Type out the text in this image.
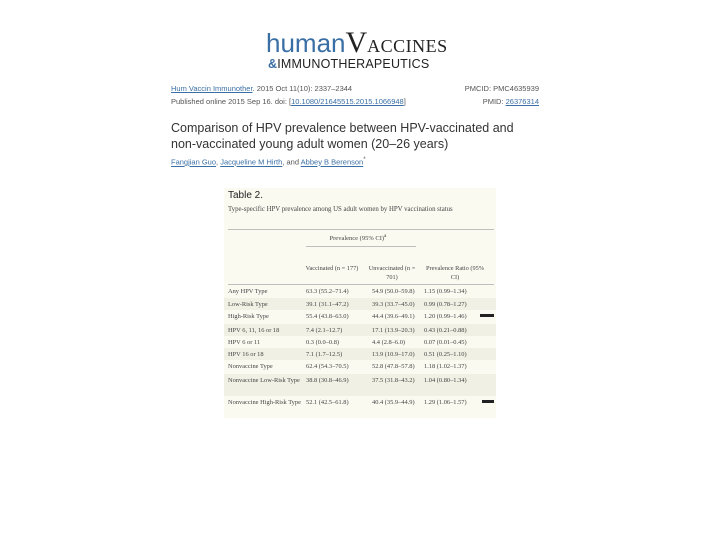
humanVACCINES
&IMMUNOTHERAPEUTICS
Hum Vaccin Immunother. 2015 Oct 11(10): 2337–2344	PMCID: PMC4635939
Published online 2015 Sep 16. doi: [10.1080/21645515.2015.1066948]	PMID: 26376314
Comparison of HPV prevalence between HPV-vaccinated and non-vaccinated young adult women (20–26 years)
Fangjian Guo, Jacqueline M Hirth, and Abbey B Berenson*
Table 2.
Type-specific HPV prevalence among US adult women by HPV vaccination status
Prevalence (95% CI)$^a$
Vaccinated (n = 177)	Unvaccinated (n = 701)
Prevalence Ratio (95% CI)
Any HPV Type	63.3 (55.2–71.4)	54.9 (50.0–59.8) 1.15 (0.99–1.34)
Low-Risk Type	39.1 (31.1–47.2)	39.3 (33.7–45.0) 0.99 (0.78–1.27)
High-Risk Type	55.4 (43.8–63.0)	44.4 (39.6–49.1) 1.20 (0.99–1.46)
HPV 6, 11, 16 or 18	7.4 (2.1–12.7)	17.1 (13.9–20.3) 0.43 (0.21–0.88)
HPV 6 or 11	0.3 (0.0–0.8)	4.4 (2.8–6.0)	0.07 (0.01–0.45)
HPV 16 or 18	7.1 (1.7–12.5)	13.9 (10.9–17.0) 0.51 (0.25–1.10)
Nonvaccine Type	62.4 (54.3–70.5)	52.8 (47.8–57.8) 1.18 (1.02–1.37)
Nonvaccine Low-Risk Type 38.8 (30.8–46.9)	37.5 (31.8–43.2) 1.04 (0.80–1.34)
Nonvaccine High-Risk Type 52.1 (42.5–61.8)	40.4 (35.9–44.9) 1.29 (1.06–1.57)
